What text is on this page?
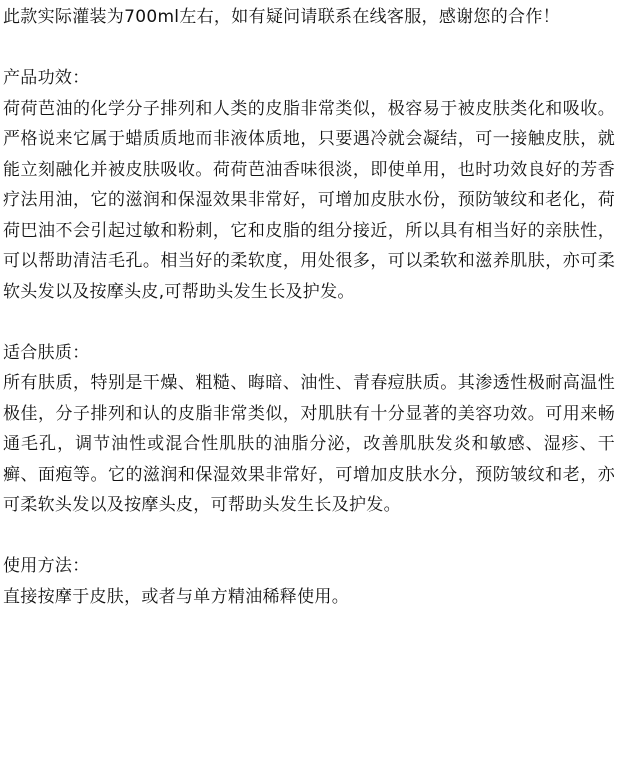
此款实际灌装为700ml左右，如有疑问请联系在线客服，感谢您的合作！

产品功效：

荷荷芭油的化学分子排列和人类的皮脂非常类似，极容易于被皮肤类化和吸收。严格说来它属于蜡质质地而非液体质地，只要遇冷就会凝结，可一接触皮肤，就能立刻融化并被皮肤吸收。荷荷芭油香味很淡，即使单用，也时功效良好的芳香疗法用油，它的滋润和保湿效果非常好，可增加皮肤水份，预防皱纹和老化，荷荷巴油不会引起过敏和粉刺，它和皮脂的组分接近，所以具有相当好的亲肤性，可以帮助清洁毛孔。相当好的柔软度，用处很多，可以柔软和滋养肌肤，亦可柔软头发以及按摩头皮,可帮助头发生长及护发。

适合肤质：

所有肤质，特别是干燥、粗糙、晦暗、油性、青春痘肤质。其渗透性极耐高温性极佳，分子排列和认的皮脂非常类似，对肌肤有十分显著的美容功效。可用来畅通毛孔，调节油性或混合性肌肤的油脂分泌，改善肌肤发炎和敏感、湿疹、干癣、面疱等。它的滋润和保湿效果非常好，可增加皮肤水分，预防皱纹和老，亦可柔软头发以及按摩头皮，可帮助头发生长及护发。

使用方法：

直接按摩于皮肤，或者与单方精油稀释使用。
